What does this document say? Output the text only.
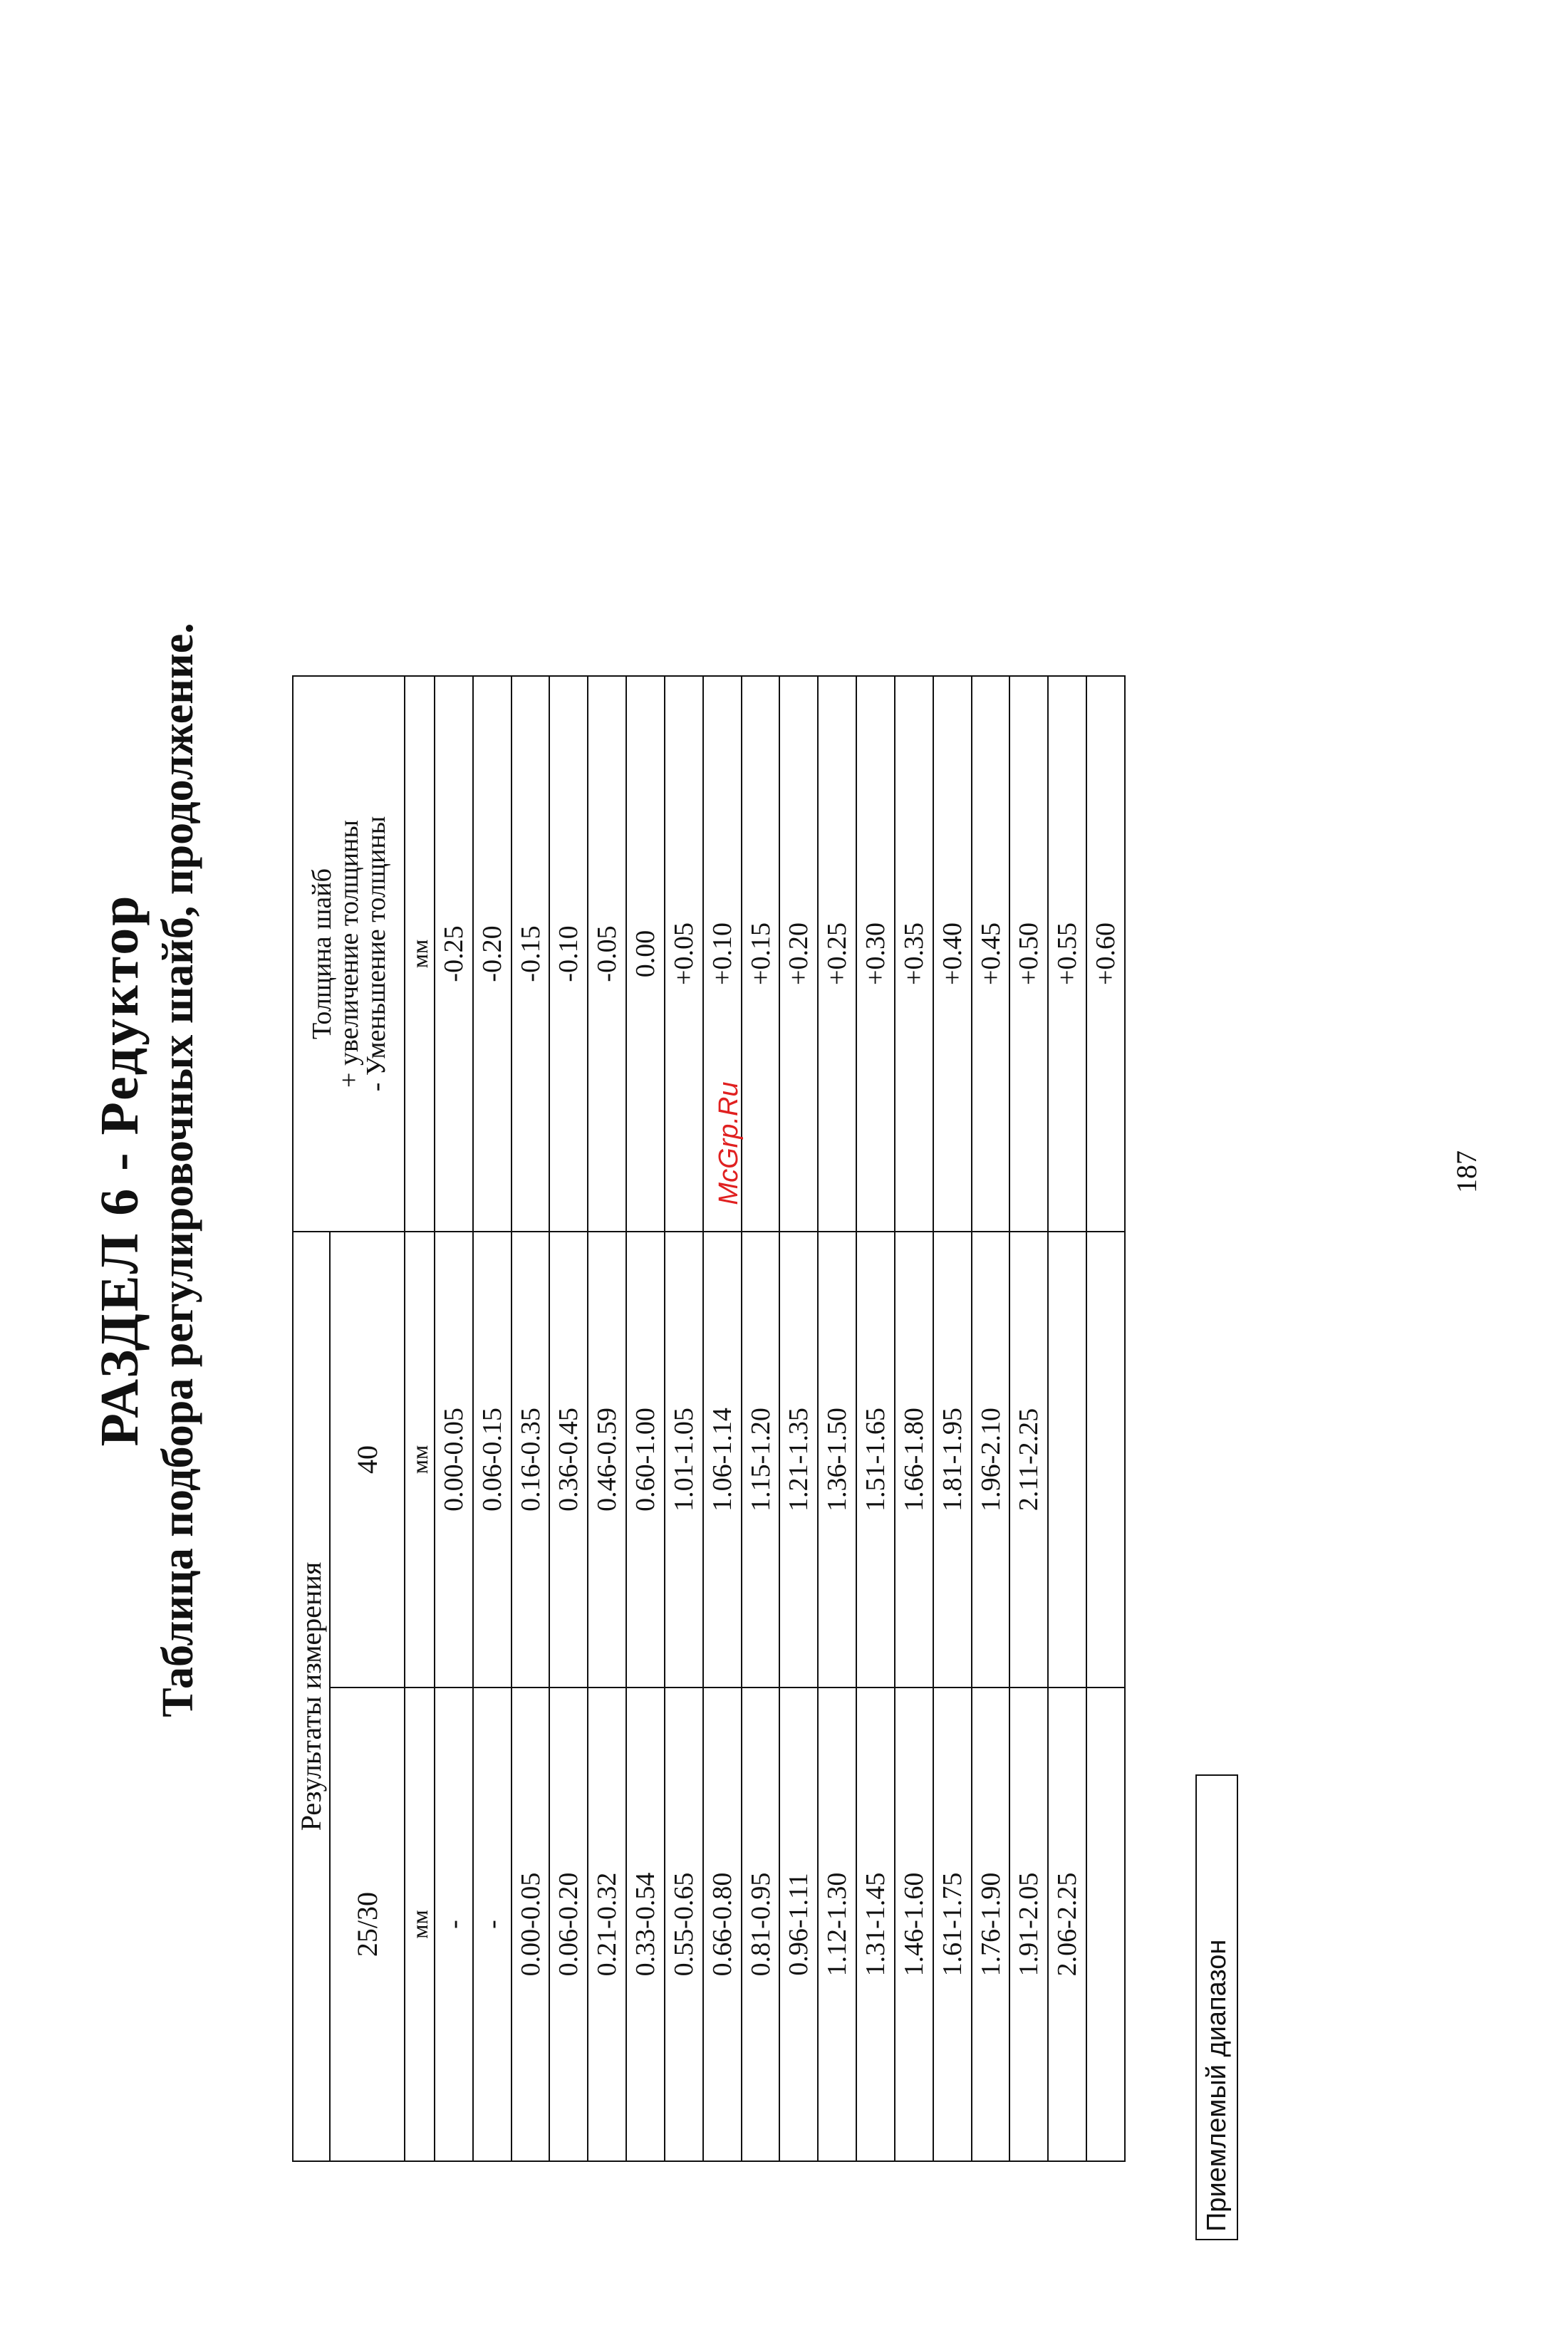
РАЗДЕЛ 6 - Редуктор Таблица подбора регулировочных шайб, продолжение.	Результаты измерения		Толщина шайб
+ увеличение толщины
- Уменьшение толщины

25/30	40	
мм	мм	мм
-	0.00-0.05	-0.25
-	0.06-0.15	-0.20
0.00-0.05	0.16-0.35	-0.15
0.06-0.20	0.36-0.45	-0.10
0.21-0.32	0.46-0.59	-0.05
0.33-0.54	0.60-1.00	0.00
0.55-0.65	1.01-1.05	+0.05
0.66-0.80	1.06-1.14	+0.10
0.81-0.95	1.15-1.20	+0.15
0.96-1.11	1.21-1.35	+0.20
1.12-1.30	1.36-1.50	+0.25
1.31-1.45	1.51-1.65	+0.30
1.46-1.60	1.66-1.80	+0.35
1.61-1.75	1.81-1.95	+0.40
1.76-1.90	1.96-2.10	+0.45
1.91-2.05	2.11-2.25	+0.50
2.06-2.25		+0.55
		+0.60
Приемлемый диапазон
McGrp.Ru	187
